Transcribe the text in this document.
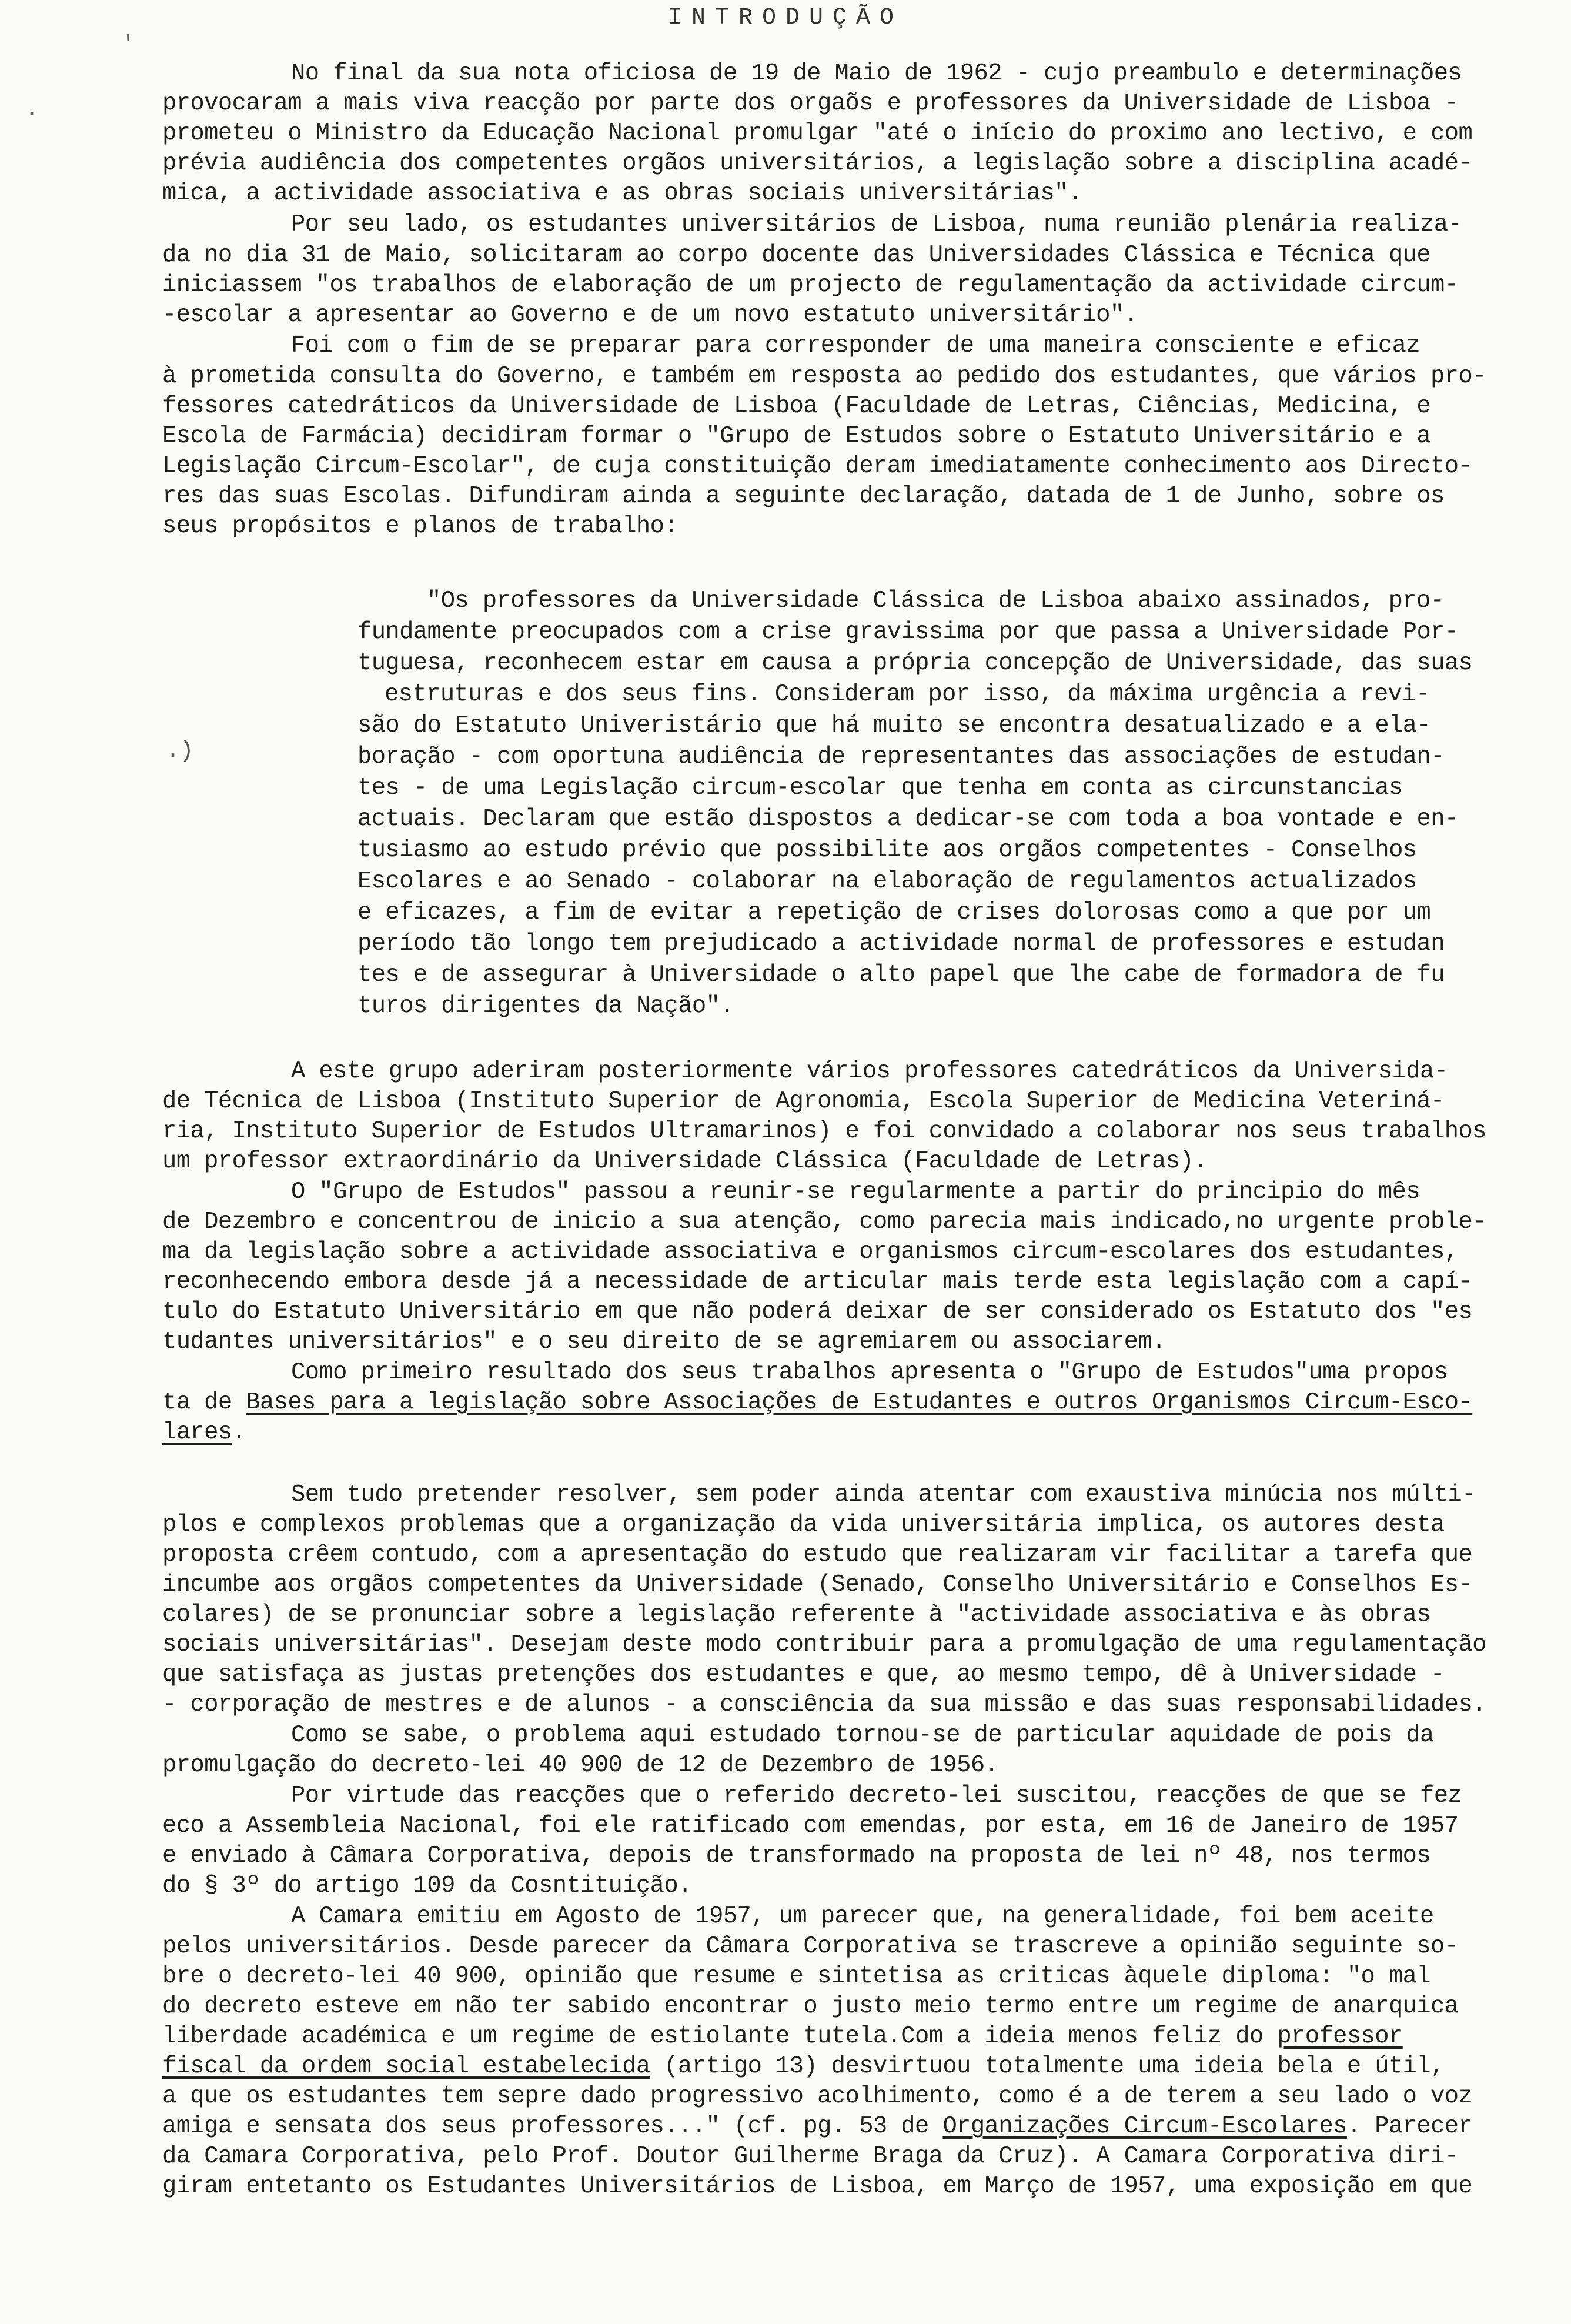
INTRODUÇÃO
'
.
.)
No final da sua nota oficiosa de 19 de Maio de 1962 - cujo preambulo e determinações
provocaram a mais viva reacção por parte dos orgaõs e professores da Universidade de Lisboa -
prometeu o Ministro da Educação Nacional promulgar "até o início do proximo ano lectivo, e com
prévia audiência dos competentes orgãos universitários, a legislação sobre a disciplina acadé-
mica, a actividade associativa e as obras sociais universitárias".
Por seu lado, os estudantes universitários de Lisboa, numa reunião plenária realiza-
da no dia 31 de Maio, solicitaram ao corpo docente das Universidades Clássica e Técnica que
iniciassem "os trabalhos de elaboração de um projecto de regulamentação da actividade circum-
-escolar a apresentar ao Governo e de um novo estatuto universitário".
Foi com o fim de se preparar para corresponder de uma maneira consciente e eficaz
à prometida consulta do Governo, e também em resposta ao pedido dos estudantes, que vários pro-
fessores catedráticos da Universidade de Lisboa (Faculdade de Letras, Ciências, Medicina, e
Escola de Farmácia) decidiram formar o "Grupo de Estudos sobre o Estatuto Universitário e a
Legislação Circum-Escolar", de cuja constituição deram imediatamente conhecimento aos Directo-
res das suas Escolas. Difundiram ainda a seguinte declaração, datada de 1 de Junho, sobre os
seus propósitos e planos de trabalho:
"Os professores da Universidade Clássica de Lisboa abaixo assinados, pro-
fundamente preocupados com a crise gravissima por que passa a Universidade Por-
tuguesa, reconhecem estar em causa a própria concepção de Universidade, das suas
estruturas e dos seus fins. Consideram por isso, da máxima urgência a revi-
são do Estatuto Univeristário que há muito se encontra desatualizado e a ela-
boração - com oportuna audiência de representantes das associações de estudan-
tes - de uma Legislação circum-escolar que tenha em conta as circunstancias
actuais. Declaram que estão dispostos a dedicar-se com toda a boa vontade e en-
tusiasmo ao estudo prévio que possibilite aos orgãos competentes - Conselhos
Escolares e ao Senado - colaborar na elaboração de regulamentos actualizados
e eficazes, a fim de evitar a repetição de crises dolorosas como a que por um
período tão longo tem prejudicado a actividade normal de professores e estudan
tes e de assegurar à Universidade o alto papel que lhe cabe de formadora de fu
turos dirigentes da Nação".
A este grupo aderiram posteriormente vários professores catedráticos da Universida-
de Técnica de Lisboa (Instituto Superior de Agronomia, Escola Superior de Medicina Veteriná-
ria, Instituto Superior de Estudos Ultramarinos) e foi convidado a colaborar nos seus trabalhos
um professor extraordinário da Universidade Clássica (Faculdade de Letras).
O "Grupo de Estudos" passou a reunir-se regularmente a partir do principio do mês
de Dezembro e concentrou de inicio a sua atenção, como parecia mais indicado,no urgente proble-
ma da legislação sobre a actividade associativa e organismos circum-escolares dos estudantes,
reconhecendo embora desde já a necessidade de articular mais terde esta legislação com a capí-
tulo do Estatuto Universitário em que não poderá deixar de ser considerado os Estatuto dos "es
tudantes universitários" e o seu direito de se agremiarem ou associarem.
Como primeiro resultado dos seus trabalhos apresenta o "Grupo de Estudos"uma propos
ta de Bases para a legislação sobre Associações de Estudantes e outros Organismos Circum-Esco-
lares.
Sem tudo pretender resolver, sem poder ainda atentar com exaustiva minúcia nos múlti-
plos e complexos problemas que a organização da vida universitária implica, os autores desta
proposta crêem contudo, com a apresentação do estudo que realizaram vir facilitar a tarefa que
incumbe aos orgãos competentes da Universidade (Senado, Conselho Universitário e Conselhos Es-
colares) de se pronunciar sobre a legislação referente à "actividade associativa e às obras
sociais universitárias". Desejam deste modo contribuir para a promulgação de uma regulamentação
que satisfaça as justas pretenções dos estudantes e que, ao mesmo tempo, dê à Universidade -
- corporação de mestres e de alunos - a consciência da sua missão e das suas responsabilidades.
Como se sabe, o problema aqui estudado tornou-se de particular aquidade de pois da
promulgação do decreto-lei 40 900 de 12 de Dezembro de 1956.
Por virtude das reacções que o referido decreto-lei suscitou, reacções de que se fez
eco a Assembleia Nacional, foi ele ratificado com emendas, por esta, em 16 de Janeiro de 1957
e enviado à Câmara Corporativa, depois de transformado na proposta de lei nº 48, nos termos
do § 3º do artigo 109 da Cosntituição.
A Camara emitiu em Agosto de 1957, um parecer que, na generalidade, foi bem aceite
pelos universitários. Desde parecer da Câmara Corporativa se trascreve a opinião seguinte so-
bre o decreto-lei 40 900, opinião que resume e sintetisa as criticas àquele diploma: "o mal
do decreto esteve em não ter sabido encontrar o justo meio termo entre um regime de anarquica
liberdade académica e um regime de estiolante tutela.Com a ideia menos feliz do professor
fiscal da ordem social estabelecida (artigo 13) desvirtuou totalmente uma ideia bela e útil,
a que os estudantes tem sepre dado progressivo acolhimento, como é a de terem a seu lado o voz
amiga e sensata dos seus professores..." (cf. pg. 53 de Organizações Circum-Escolares. Parecer
da Camara Corporativa, pelo Prof. Doutor Guilherme Braga da Cruz). A Camara Corporativa diri-
giram entetanto os Estudantes Universitários de Lisboa, em Março de 1957, uma exposição em que
